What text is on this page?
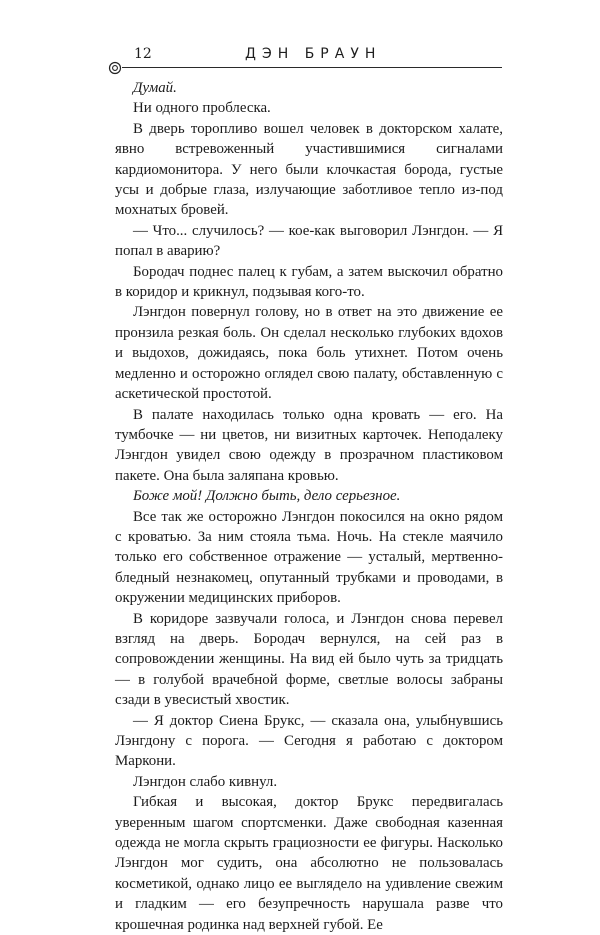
12	ДЭН БРАУН

Думай.

Ни одного проблеска.

В дверь торопливо вошел человек в докторском халате, явно встревоженный участившимися сигналами кардиомонитора. У него были клочкастая борода, густые усы и добрые глаза, излучающие заботливое тепло из-под мохнатых бровей.

— Что... случилось? — кое-как выговорил Лэнгдон. — Я попал в аварию?

Бородач поднес палец к губам, а затем выскочил обратно в коридор и крикнул, подзывая кого-то.

Лэнгдон повернул голову, но в ответ на это движение ее пронзила резкая боль. Он сделал несколько глубоких вдохов и выдохов, дожидаясь, пока боль утихнет. Потом очень медленно и осторожно оглядел свою палату, обставленную с аскетической простотой.

В палате находилась только одна кровать — его. На тумбочке — ни цветов, ни визитных карточек. Неподалеку Лэнгдон увидел свою одежду в прозрачном пластиковом пакете. Она была заляпана кровью.

Боже мой! Должно быть, дело серьезное.

Все так же осторожно Лэнгдон покосился на окно рядом с кроватью. За ним стояла тьма. Ночь. На стекле маячило только его собственное отражение — усталый, мертвенно-бледный незнакомец, опутанный трубками и проводами, в окружении медицинских приборов.

В коридоре зазвучали голоса, и Лэнгдон снова перевел взгляд на дверь. Бородач вернулся, на сей раз в сопровождении женщины. На вид ей было чуть за тридцать — в голубой врачебной форме, светлые волосы забраны сзади в увесистый хвостик.

— Я доктор Сиена Брукс, — сказала она, улыбнувшись Лэнгдону с порога. — Сегодня я работаю с доктором Маркони.

Лэнгдон слабо кивнул.

Гибкая и высокая, доктор Брукс передвигалась уверенным шагом спортсменки. Даже свободная казенная одежда не могла скрыть грациозности ее фигуры. Насколько Лэнгдон мог судить, она абсолютно не пользовалась косметикой, однако лицо ее выглядело на удивление свежим и гладким — его безупречность нарушала разве что крошечная родинка над верхней губой. Ее
